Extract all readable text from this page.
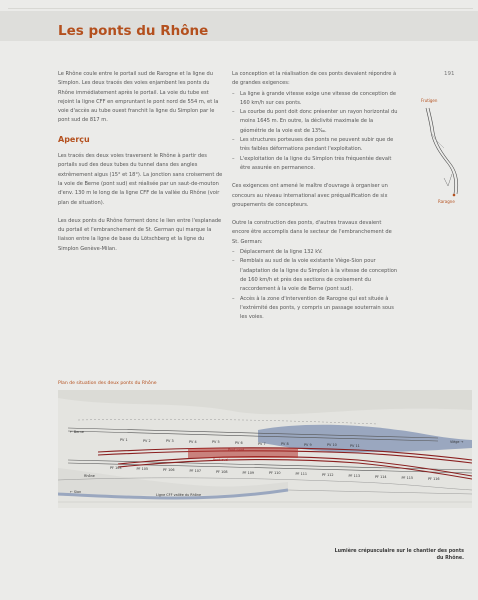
Les ponts du Rhône
191

Le Rhône coule entre le portail sud de Rarogne et la ligne du Simplon. Les deux tracés des voies enjambent les ponts du Rhône immédiatement après le portail. La voie du tube est rejoint la ligne CFF en empruntant le pont nord de 554 m, et la voie d'accès au tube ouest franchit la ligne du Simplon par le pont sud de 817 m.

Aperçu

Les tracés des deux voies traversent le Rhône à partir des portails sud des deux tubes du tunnel dans des angles extrêmement aigus (15° et 18°). La jonction sans croisement de la voie de Berne (pont sud) est réalisée par un saut-de-mouton d'env. 130 m le long de la ligne CFF de la vallée du Rhône (voir plan de situation).

Les deux ponts du Rhône forment donc le lien entre l'esplanade du portail et l'embranchement de St. German qui marque la liaison entre la ligne de base du Lötschberg et la ligne du Simplon Genève-Milan.

La conception et la réalisation de ces ponts devaient répondre à de grandes exigences:

– La ligne à grande vitesse exige une vitesse de conception de 160 km/h sur ces ponts.
– La courbe du pont doit donc présenter un rayon horizontal du moins 1645 m. En outre, la déclivité maximale de la géométrie de la voie est de 13‰.
– Les structures porteuses des ponts ne peuvent subir que de très faibles déformations pendant l'exploitation.
– L'exploitation de la ligne du Simplon très fréquentée devait être assurée en permanence.

Ces exigences ont amené le maître d'ouvrage à organiser un concours au niveau international avec préqualification de six groupements de concepteurs.

Outre la construction des ponts, d'autres travaux devaient encore être accomplis dans le secteur de l'embranchement de St. German:

– Déplacement de la ligne 132 kV.
– Remblais au sud de la voie existante Viège-Sion pour l'adaptation de la ligne du Simplon à la vitesse de conception de 160 km/h et près des sections de croisement du raccordement à la voie de Berne (pont sud).
– Accès à la zone d'intervention de Rarogne qui est située à l'extrémité des ponts, y compris un passage souterrain sous les voies.
Frutigen
Raragne
Plan de situation des deux ponts du Rhône
← Berne
Rhône
← Sion
Viège →
Pont nord
Pont sud
Ligne CFF vallée du Rhône
PV 1	PV 2	PV 3	PV 4	PV 5	PV 6	PV 7	PV 8	PV 9	PV 10	PV 11
PF 103	PF 105	PF 106	PF 107	PF 108	PF 109	PF 110	PF 111	PF 112	PF 113	PF 114	PF 115	PF 116
Lumière crépusculaire sur le chantier des ponts du Rhône.
